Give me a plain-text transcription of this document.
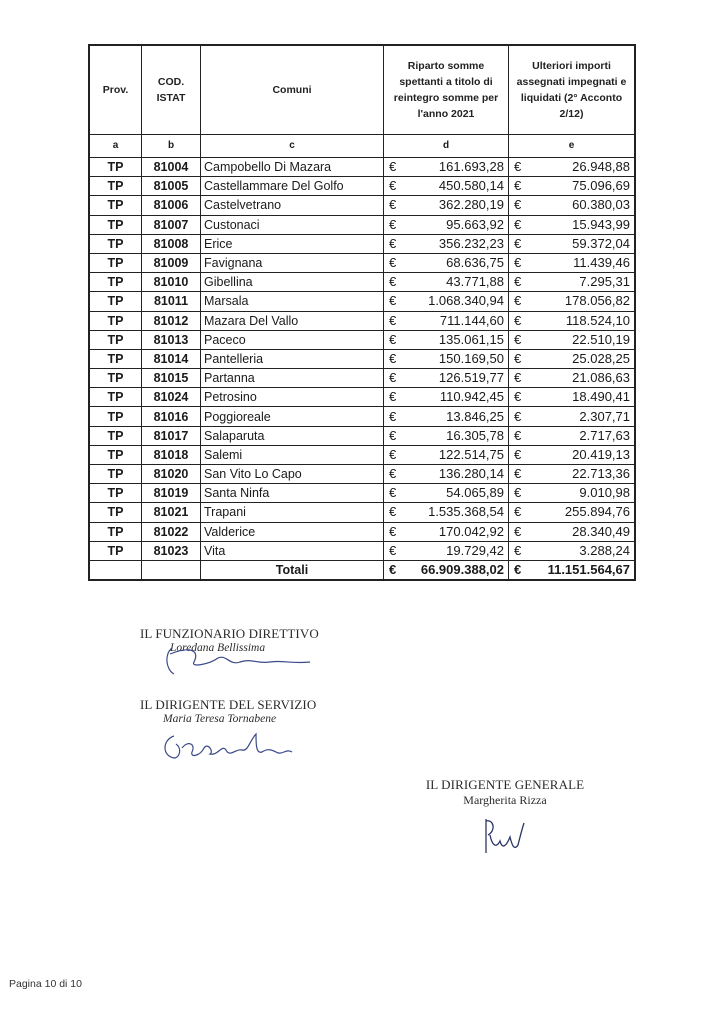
Prov.	COD. ISTAT	Comuni	Riparto somme spettanti a titolo di reintegro somme per l'anno 2021	Ulteriori importi assegnati impegnati e liquidati (2° Acconto 2/12)
a	b	c	d	e
TP	81004	Campobello Di Mazara	€ 161.693,28	€ 26.948,88

TP	81005	Castellammare Del Golfo	€ 450.580,14	€ 75.096,69

TP	81006	Castelvetrano	€ 362.280,19	€ 60.380,03

TP	81007	Custonaci	€ 95.663,92	€ 15.943,99

TP	81008	Erice	€ 356.232,23	€ 59.372,04

TP	81009	Favignana	€ 68.636,75	€ 11.439,46

TP	81010	Gibellina	€ 43.771,88	€ 7.295,31

TP	81011	Marsala	€ 1.068.340,94	€ 178.056,82

TP	81012	Mazara Del Vallo	€ 711.144,60	€ 118.524,10

TP	81013	Paceco	€ 135.061,15	€ 22.510,19

TP	81014	Pantelleria	€ 150.169,50	€ 25.028,25

TP	81015	Partanna	€ 126.519,77	€ 21.086,63

TP	81024	Petrosino	€ 110.942,45	€ 18.490,41

TP	81016	Poggioreale	€ 13.846,25	€ 2.307,71

TP	81017	Salaparuta	€ 16.305,78	€ 2.717,63

TP	81018	Salemi	€ 122.514,75	€ 20.419,13

TP	81020	San Vito Lo Capo	€ 136.280,14	€ 22.713,36

TP	81019	Santa Ninfa	€ 54.065,89	€ 9.010,98

TP	81021	Trapani	€ 1.535.368,54	€ 255.894,76

TP	81022	Valderice	€ 170.042,92	€ 28.340,49

TP	81023	Vita	€ 19.729,42	€ 3.288,24

		Totali	€ 66.909.388,02	€ 11.151.564,67
IL FUNZIONARIO DIRETTIVO
Loredana Bellissima
IL DIRIGENTE DEL SERVIZIO
Maria Teresa Tornabene
IL DIRIGENTE GENERALE
Margherita Rizza
Pagina 10 di 10
